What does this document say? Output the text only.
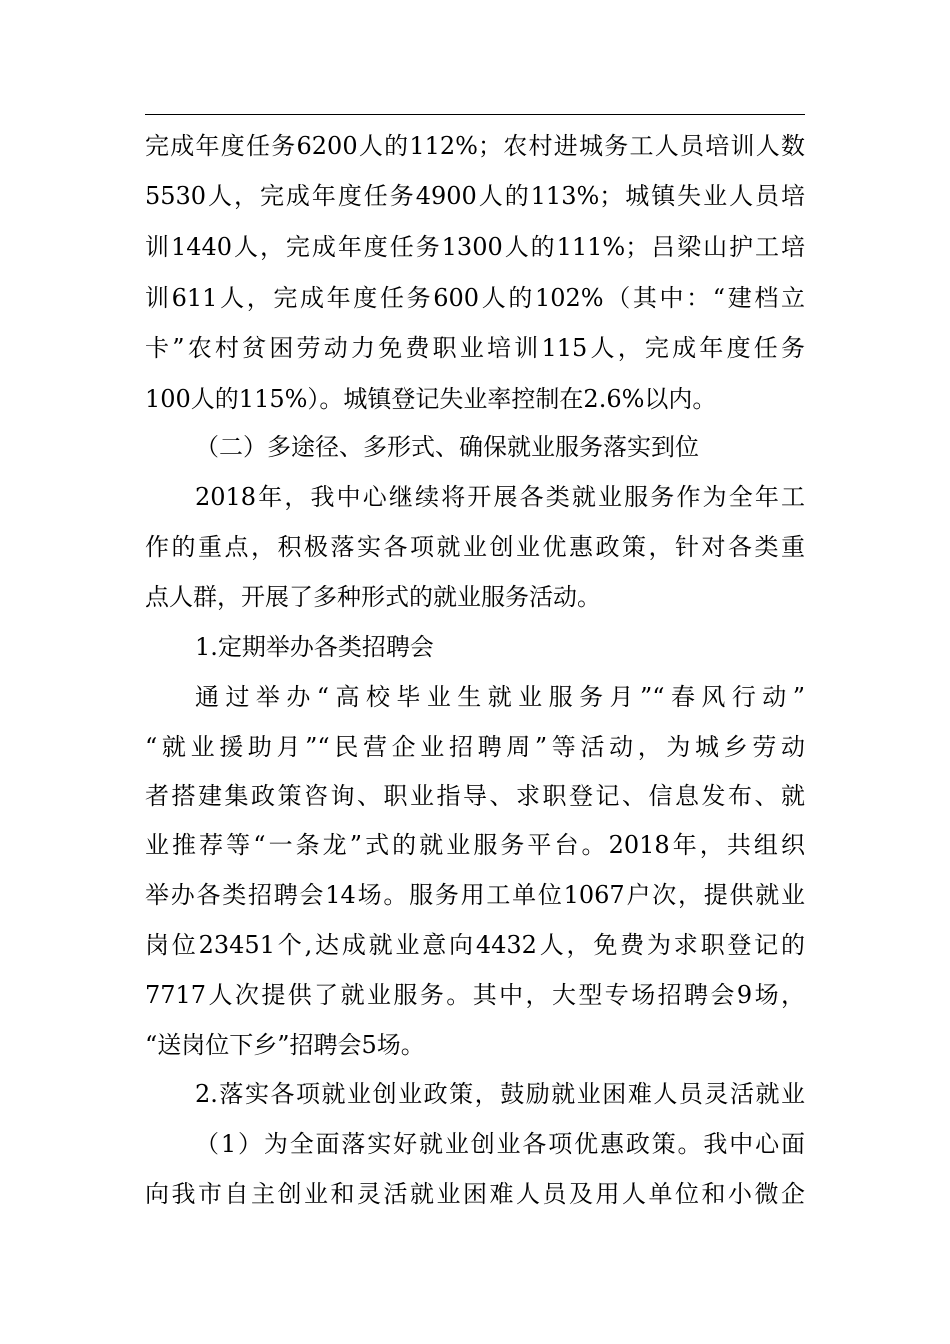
完成年度任务6200人的112%；农村进城务工人员培训人数
5530人，完成年度任务4900人的113%；城镇失业人员培
训1440人，完成年度任务1300人的111%；吕梁山护工培
训611人，完成年度任务600人的102%（其中：“建档立
卡”农村贫困劳动力免费职业培训115人，完成年度任务
100人的115%）。城镇登记失业率控制在2.6%以内。
（二）多途径、多形式、确保就业服务落实到位
2018年，我中心继续将开展各类就业服务作为全年工
作的重点，积极落实各项就业创业优惠政策，针对各类重
点人群，开展了多种形式的就业服务活动。
1.定期举办各类招聘会
通过举办“高校毕业生就业服务月”“春风行动”
“就业援助月”“民营企业招聘周”等活动，为城乡劳动
者搭建集政策咨询、职业指导、求职登记、信息发布、就
业推荐等“一条龙”式的就业服务平台。2018年，共组织
举办各类招聘会14场。服务用工单位1067户次，提供就业
岗位23451个,达成就业意向4432人，免费为求职登记的
7717人次提供了就业服务。其中，大型专场招聘会9场，
“送岗位下乡”招聘会5场。
2.落实各项就业创业政策，鼓励就业困难人员灵活就业
（1）为全面落实好就业创业各项优惠政策。我中心面
向我市自主创业和灵活就业困难人员及用人单位和小微企
